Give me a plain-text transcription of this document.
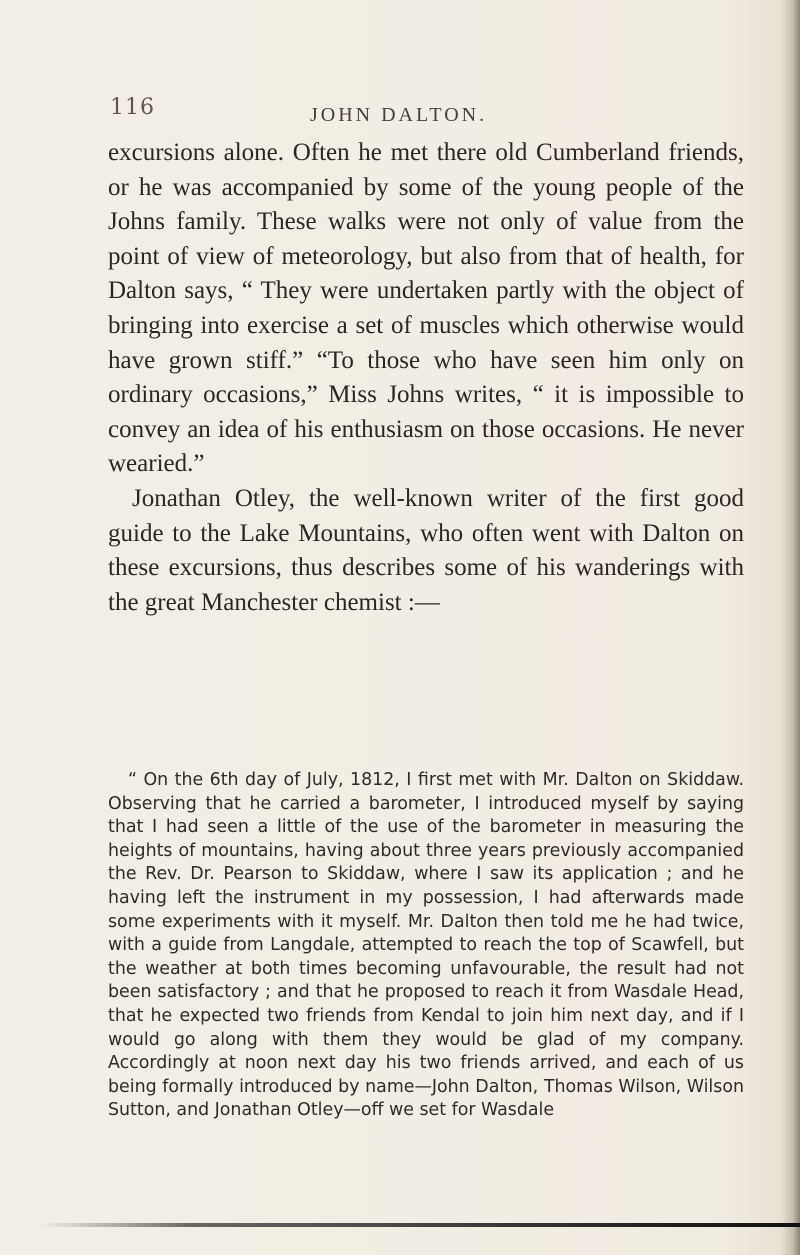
116	JOHN DALTON.

excursions alone. Often he met there old Cumberland friends, or he was accompanied by some of the young people of the Johns family. These walks were not only of value from the point of view of meteorology, but also from that of health, for Dalton says, “ They were undertaken partly with the object of bringing into exercise a set of muscles which otherwise would have grown stiff.” “To those who have seen him only on ordinary occasions,” Miss Johns writes, “ it is impossible to convey an idea of his enthusiasm on those occasions. He never wearied.”

Jonathan Otley, the well-known writer of the first good guide to the Lake Mountains, who often went with Dalton on these excursions, thus describes some of his wanderings with the great Manchester chemist :—

“ On the 6th day of July, 1812, I first met with Mr. Dalton on Skiddaw. Observing that he carried a barometer, I introduced myself by saying that I had seen a little of the use of the barometer in measuring the heights of mountains, having about three years previously accompanied the Rev. Dr. Pearson to Skiddaw, where I saw its application ; and he having left the instrument in my possession, I had afterwards made some experiments with it myself. Mr. Dalton then told me he had twice, with a guide from Langdale, attempted to reach the top of Scawfell, but the weather at both times becoming unfavourable, the result had not been satisfactory ; and that he proposed to reach it from Wasdale Head, that he expected two friends from Kendal to join him next day, and if I would go along with them they would be glad of my company. Accordingly at noon next day his two friends arrived, and each of us being formally introduced by name—John Dalton, Thomas Wilson, Wilson Sutton, and Jonathan Otley—off we set for Wasdale
